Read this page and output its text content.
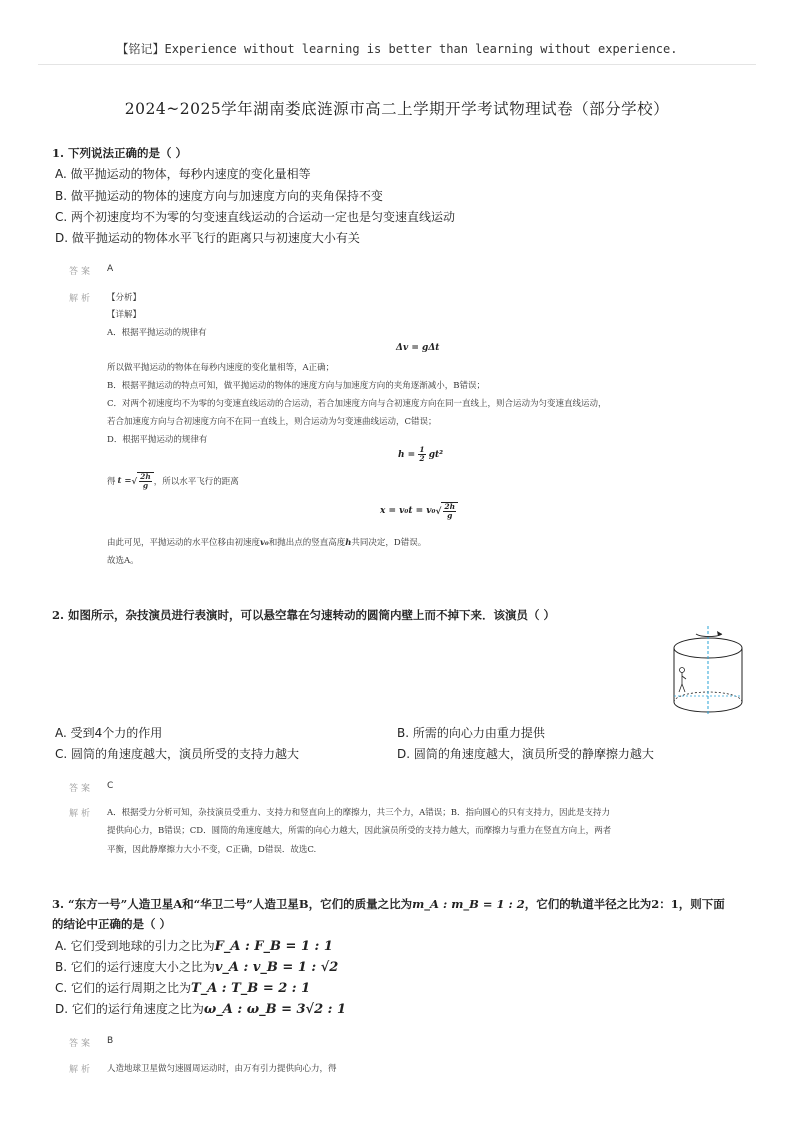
【铭记】Experience without learning is better than learning without experience.
2024~2025学年湖南娄底涟源市高二上学期开学考试物理试卷（部分学校）
1. 下列说法正确的是（ ）
A. 做平抛运动的物体，每秒内速度的变化量相等
B. 做平抛运动的物体的速度方向与加速度方向的夹角保持不变
C. 两个初速度均不为零的匀变速直线运动的合运动一定也是匀变速直线运动
D. 做平抛运动的物体水平飞行的距离只与初速度大小有关
答案 A
解析 【分析】
【详解】
A．根据平抛运动的规律有
Δv = gΔt
所以做平抛运动的物体在每秒内速度的变化量相等，A正确；
B．根据平抛运动的特点可知，做平抛运动的物体的速度方向与加速度方向的夹角逐渐减小，B错误；
C．对两个初速度均不为零的匀变速直线运动的合运动，若合加速度方向与合初速度方向在同一直线上，则合运动为匀变速直线运动，
若合加速度方向与合初速度方向不在同一直线上，则合运动为匀变速曲线运动，C错误；
D．根据平抛运动的规律有
$h = \frac{1}{2} gt^2$
得 t = √ $\frac{2h}{g}$ ，所以水平飞行的距离
x = v₀t = v₀ √ $\frac{2h}{g}$
由此可见，平抛运动的水平位移由初速度v₀和抛出点的竖直高度h共同决定，D错误。
故选A。
2. 如图所示，杂技演员进行表演时，可以悬空靠在匀速转动的圆筒内壁上而不掉下来．该演员（ ）
A. 受到4个力的作用	B. 所需的向心力由重力提供
C. 圆筒的角速度越大，演员所受的支持力越大	D. 圆筒的角速度越大，演员所受的静摩擦力越大
答案 C
解析 A．根据受力分析可知，杂技演员受重力、支持力和竖直向上的摩擦力，共三个力，A错误；B．指向圆心的只有支持力，因此是支持力
提供向心力，B错误；CD．圆筒的角速度越大，所需的向心力越大，因此演员所受的支持力越大，而摩擦力与重力在竖直方向上，两者
平衡，因此静摩擦力大小不变，C正确，D错误．故选C.
3. “东方一号”人造卫星A和“华卫二号”人造卫星B，它们的质量之比为m_A : m_B = 1 : 2，它们的轨道半径之比为2：1，则下面
的结论中正确的是（ ）
A. 它们受到地球的引力之比为F_A : F_B = 1 : 1
B. 它们的运行速度大小之比为v_A : v_B = 1 : √2
C. 它们的运行周期之比为T_A : T_B = 2 : 1
D. 它们的运行角速度之比为ω_A : ω_B = 3√2 : 1
答案 B
解析 人造地球卫星做匀速圆周运动时，由万有引力提供向心力，得
